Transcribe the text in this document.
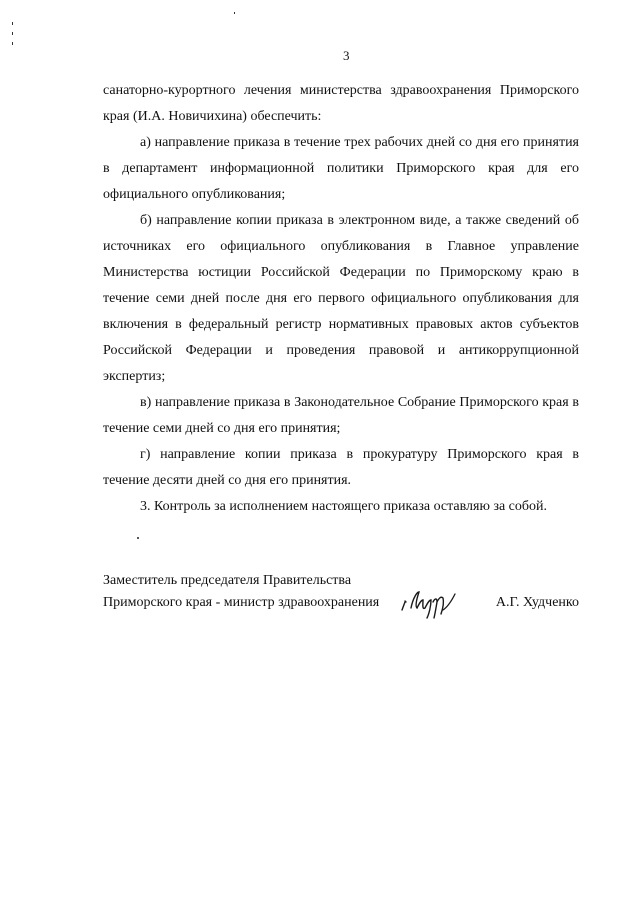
3

санаторно-курортного лечения министерства здравоохранения Приморского края (И.А. Новичихина) обеспечить:

а) направление приказа в течение трех рабочих дней со дня его принятия в департамент информационной политики Приморского края для его официального опубликования;

б) направление копии приказа в электронном виде, а также сведений об источниках его официального опубликования в Главное управление Министерства юстиции Российской Федерации по Приморскому краю в течение семи дней после дня его первого официального опубликования для включения в федеральный регистр нормативных правовых актов субъектов Российской Федерации и проведения правовой и антикоррупционной экспертиз;

в) направление приказа в Законодательное Собрание Приморского края в течение семи дней со дня его принятия;

г) направление копии приказа в прокуратуру Приморского края в течение десяти дней со дня его принятия.

3. Контроль за исполнением настоящего приказа оставляю за собой.

Заместитель председателя Правительства
Приморского края - министр здравоохранения	А.Г. Худченко
